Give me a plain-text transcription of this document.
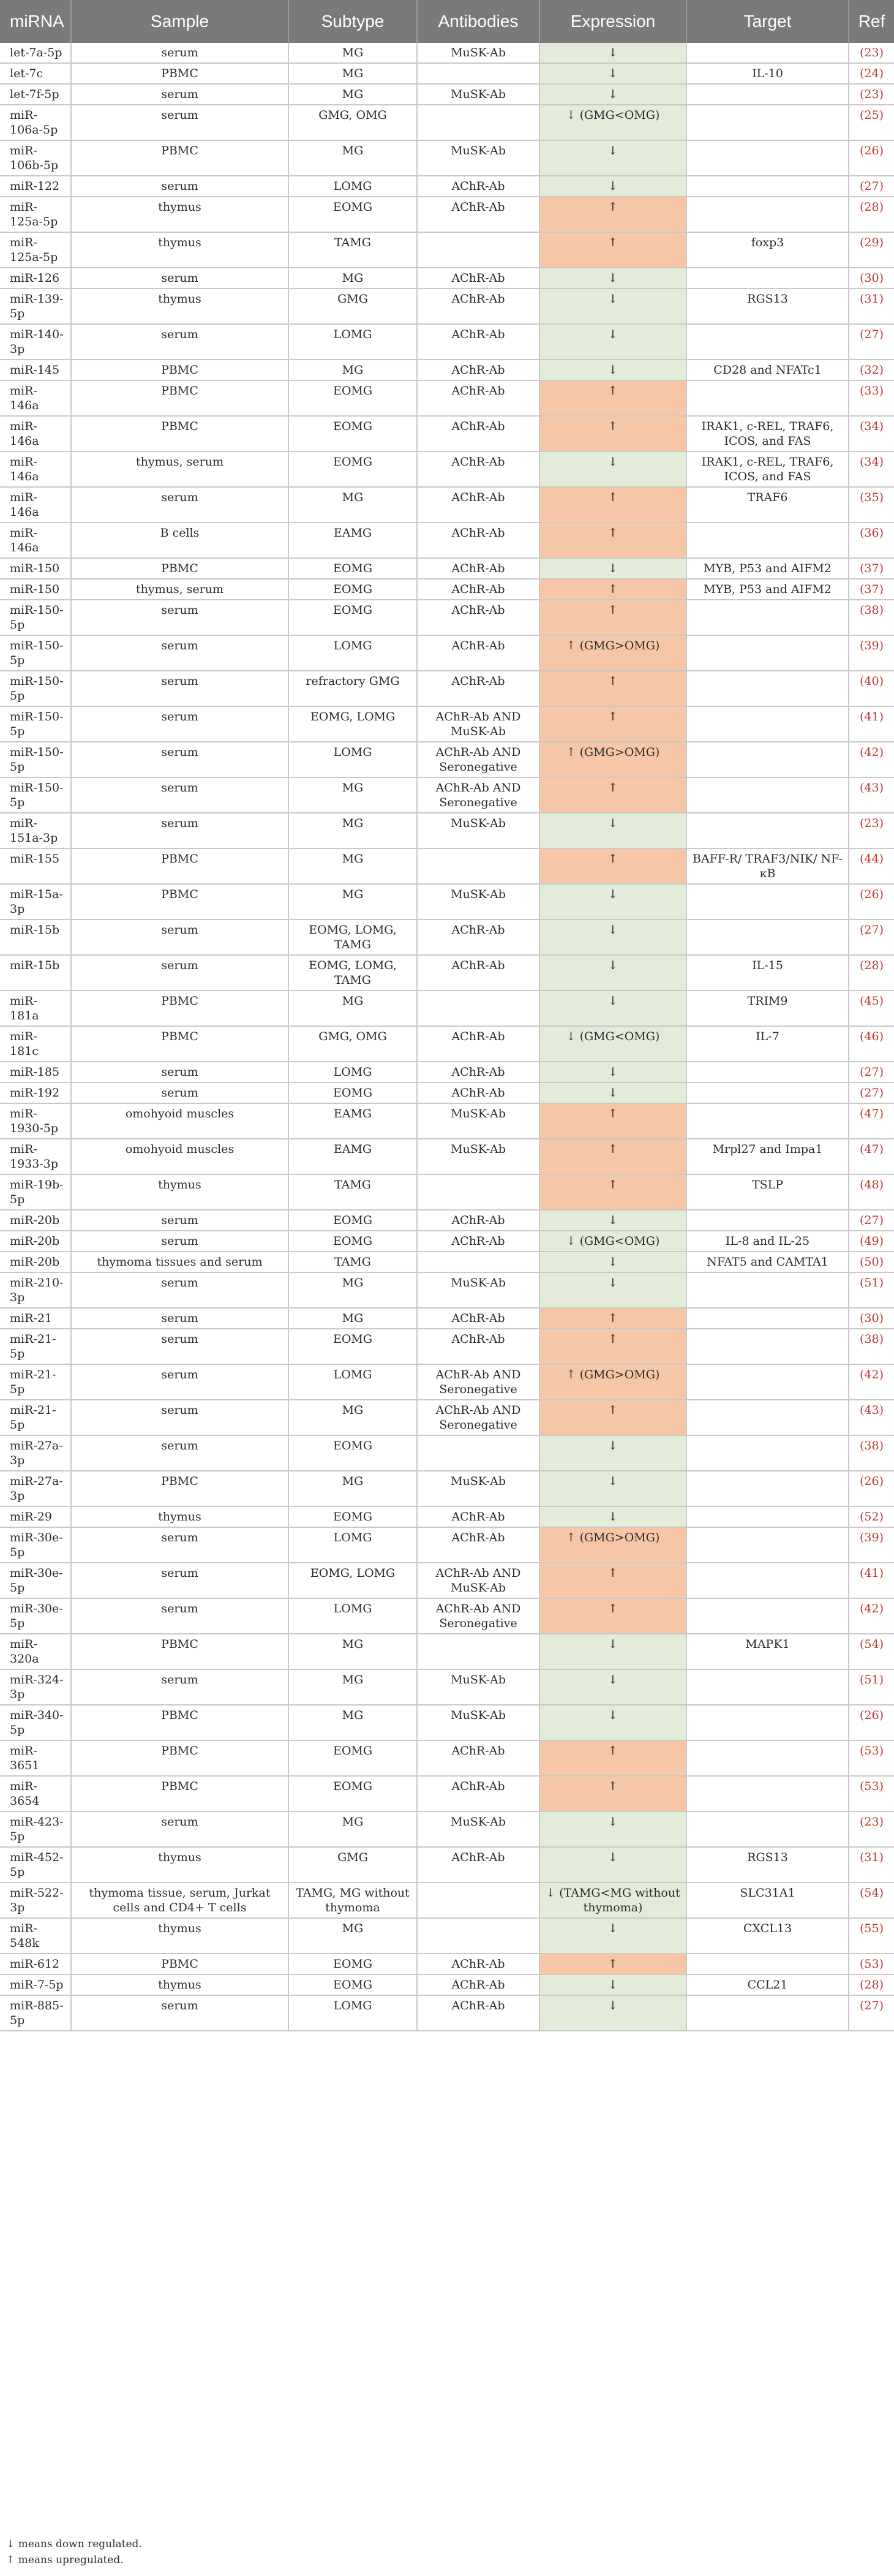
miRNA	Sample	Subtype	Antibodies	Expression	Target	Ref
let-7a-5p	serum	MG	MuSK-Ab	↓		(23)
let-7c	PBMC	MG		↓	IL-10	(24)
let-7f-5p	serum	MG	MuSK-Ab	↓		(23)
miR-106a-5p	serum	GMG, OMG		↓ (GMG<OMG)		(25)
miR-106b-5p	PBMC	MG	MuSK-Ab	↓		(26)
miR-122	serum	LOMG	AChR-Ab	↓		(27)
miR-125a-5p	thymus	EOMG	AChR-Ab	↑		(28)
miR-125a-5p	thymus	TAMG		↑	foxp3	(29)
miR-126	serum	MG	AChR-Ab	↓		(30)
miR-139-5p	thymus	GMG	AChR-Ab	↓	RGS13	(31)
miR-140-3p	serum	LOMG	AChR-Ab	↓		(27)
miR-145	PBMC	MG	AChR-Ab	↓	CD28 and NFATc1	(32)
miR-146a	PBMC	EOMG	AChR-Ab	↑		(33)
miR-146a	PBMC	EOMG	AChR-Ab	↑	IRAK1, c-REL, TRAF6, ICOS, and FAS	(34)
miR-146a	thymus, serum	EOMG	AChR-Ab	↓	IRAK1, c-REL, TRAF6, ICOS, and FAS	(34)
miR-146a	serum	MG	AChR-Ab	↑	TRAF6	(35)
miR-146a	B cells	EAMG	AChR-Ab	↑		(36)
miR-150	PBMC	EOMG	AChR-Ab	↓	MYB, P53 and AIFM2	(37)
miR-150	thymus, serum	EOMG	AChR-Ab	↑	MYB, P53 and AIFM2	(37)
miR-150-5p	serum	EOMG	AChR-Ab	↑		(38)
miR-150-5p	serum	LOMG	AChR-Ab	↑ (GMG>OMG)		(39)
miR-150-5p	serum	refractory GMG	AChR-Ab	↑		(40)
miR-150-5p	serum	EOMG, LOMG	AChR-Ab AND MuSK-Ab	↑		(41)
miR-150-5p	serum	LOMG	AChR-Ab AND Seronegative	↑ (GMG>OMG)		(42)
miR-150-5p	serum	MG	AChR-Ab AND Seronegative	↑		(43)
miR-151a-3p	serum	MG	MuSK-Ab	↓		(23)
miR-155	PBMC	MG		↑	BAFF-R/ TRAF3/NIK/ NF-κB	(44)
miR-15a-3p	PBMC	MG	MuSK-Ab	↓		(26)
miR-15b	serum	EOMG, LOMG, TAMG	AChR-Ab	↓		(27)
miR-15b	serum	EOMG, LOMG, TAMG	AChR-Ab	↓	IL-15	(28)
miR-181a	PBMC	MG		↓	TRIM9	(45)
miR-181c	PBMC	GMG, OMG	AChR-Ab	↓ (GMG<OMG)	IL-7	(46)
miR-185	serum	LOMG	AChR-Ab	↓		(27)
miR-192	serum	EOMG	AChR-Ab	↓		(27)
miR-1930-5p	omohyoid muscles	EAMG	MuSK-Ab	↑		(47)
miR-1933-3p	omohyoid muscles	EAMG	MuSK-Ab	↑	Mrpl27 and Impa1	(47)
miR-19b-5p	thymus	TAMG		↑	TSLP	(48)
miR-20b	serum	EOMG	AChR-Ab	↓		(27)
miR-20b	serum	EOMG	AChR-Ab	↓ (GMG<OMG)	IL-8 and IL-25	(49)
miR-20b	thymoma tissues and serum	TAMG		↓	NFAT5 and CAMTA1	(50)
miR-210-3p	serum	MG	MuSK-Ab	↓		(51)
miR-21	serum	MG	AChR-Ab	↑		(30)
miR-21-5p	serum	EOMG	AChR-Ab	↑		(38)
miR-21-5p	serum	LOMG	AChR-Ab AND Seronegative	↑ (GMG>OMG)		(42)
miR-21-5p	serum	MG	AChR-Ab AND Seronegative	↑		(43)
miR-27a-3p	serum	EOMG		↓		(38)
miR-27a-3p	PBMC	MG	MuSK-Ab	↓		(26)
miR-29	thymus	EOMG	AChR-Ab	↓		(52)
miR-30e-5p	serum	LOMG	AChR-Ab	↑ (GMG>OMG)		(39)
miR-30e-5p	serum	EOMG, LOMG	AChR-Ab AND MuSK-Ab	↑		(41)
miR-30e-5p	serum	LOMG	AChR-Ab AND Seronegative	↑		(42)
miR-320a	PBMC	MG		↓	MAPK1	(54)
miR-324-3p	serum	MG	MuSK-Ab	↓		(51)
miR-340-5p	PBMC	MG	MuSK-Ab	↓		(26)
miR-3651	PBMC	EOMG	AChR-Ab	↑		(53)
miR-3654	PBMC	EOMG	AChR-Ab	↑		(53)
miR-423-5p	serum	MG	MuSK-Ab	↓		(23)
miR-452-5p	thymus	GMG	AChR-Ab	↓	RGS13	(31)
miR-522-3p	thymoma tissue, serum, Jurkat cells and CD4+ T cells	TAMG, MG without thymoma		↓ (TAMG<MG without thymoma)	SLC31A1	(54)
miR-548k	thymus	MG		↓	CXCL13	(55)
miR-612	PBMC	EOMG	AChR-Ab	↑		(53)
miR-7-5p	thymus	EOMG	AChR-Ab	↓	CCL21	(28)
miR-885-5p	serum	LOMG	AChR-Ab	↓		(27)
↓ means down regulated.
↑ means upregulated.
